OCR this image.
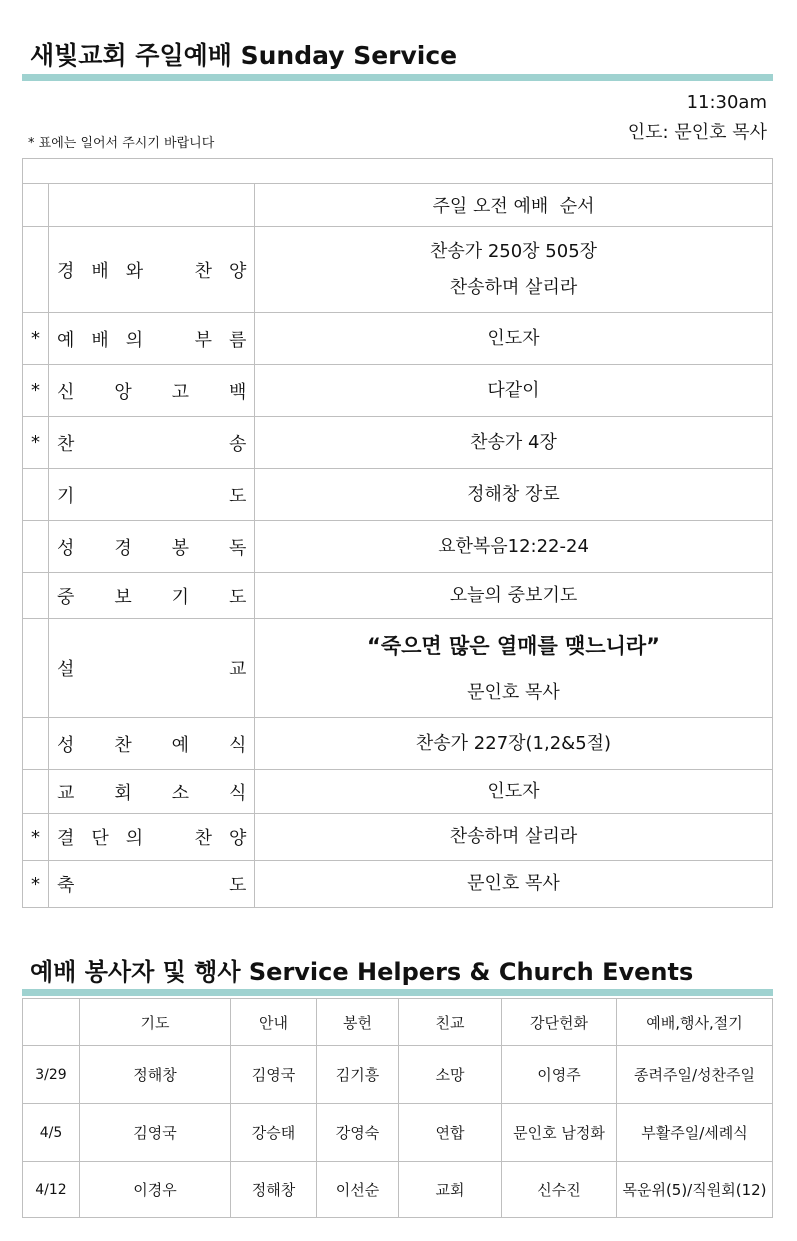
새빛교회 주일예배 Sunday Service
11:30am
인도: 문인호 목사
* 표에는 일어서 주시기 바랍니다

		주일 오전 예배  순서

	경 배 와 찬 양	찬송가 250장 505장
찬송하며 살리라

*	예 배 의 부 름	인도자

*	신 앙 고 백	다같이

*	찬 송	찬송가 4장

	기 도	정해창 장로

	성 경 봉 독	요한복음12:22-24

	중 보 기 도	오늘의 중보기도

	설 교	“죽으면 많은 열매를 맺느니라”
문인호 목사

	성 찬 예 식	찬송가 227장(1,2&5절)

	교 회 소 식	인도자

*	결 단 의 찬 양	찬송하며 살리라

*	축 도	문인호 목사
예배 봉사자 및 행사 Service Helpers & Church Events
	기도	안내	봉헌	친교	강단헌화	예배,행사,절기
3/29	정해창	김영국	김기흥	소망	이영주	종려주일/성찬주일
4/5	김영국	강승태	강영숙	연합	문인호 남정화	부활주일/세례식
4/12	이경우	정해창	이선순	교회	신수진	목운위(5)/직원회(12)
